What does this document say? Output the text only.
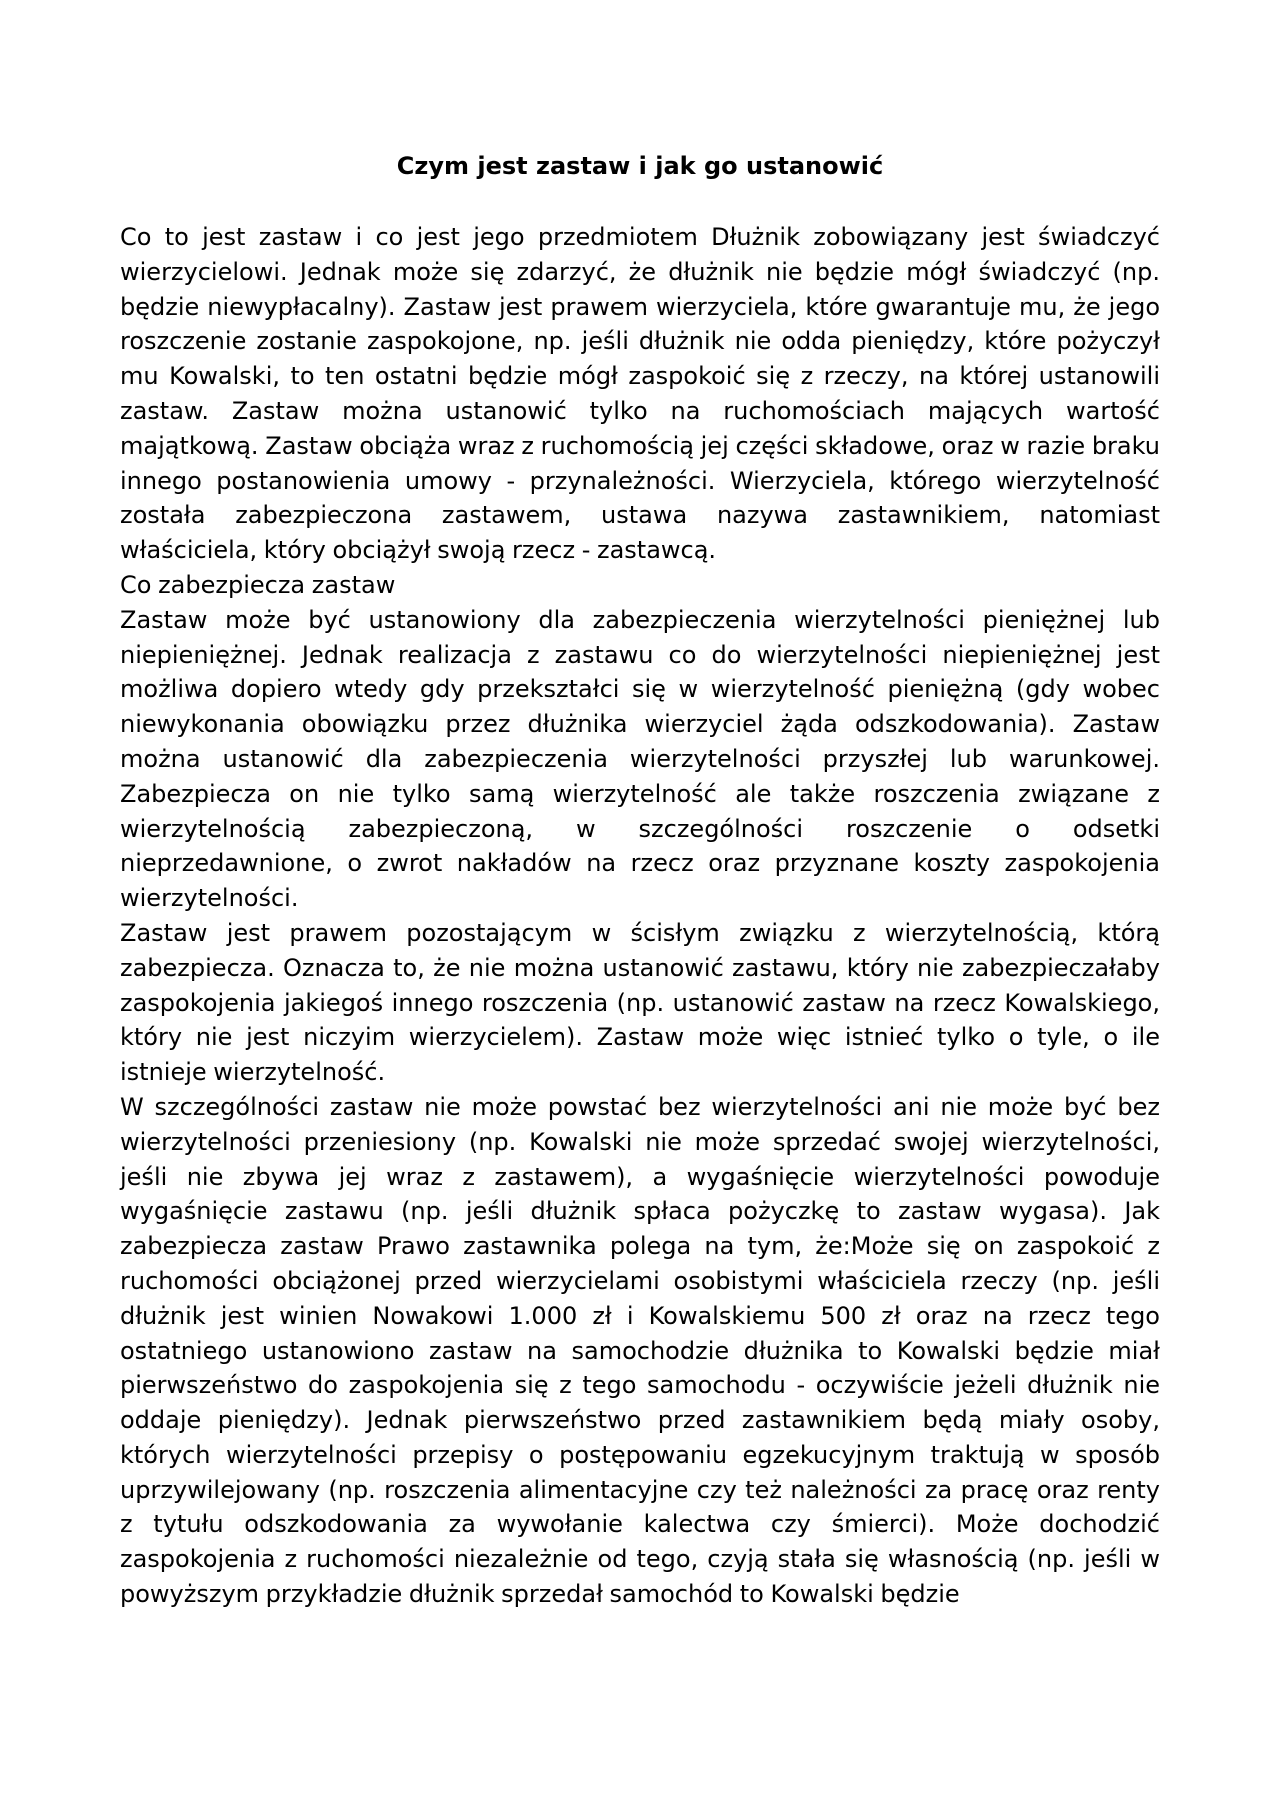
Czym jest zastaw i jak go ustanowić

Co to jest zastaw i co jest jego przedmiotem Dłużnik zobowiązany jest świadczyć wierzycielowi. Jednak może się zdarzyć, że dłużnik nie będzie mógł świadczyć (np. będzie niewypłacalny). Zastaw jest prawem wierzyciela, które gwarantuje mu, że jego roszczenie zostanie zaspokojone, np. jeśli dłużnik nie odda pieniędzy, które pożyczył mu Kowalski, to ten ostatni będzie mógł zaspokoić się z rzeczy, na której ustanowili zastaw. Zastaw można ustanowić tylko na ruchomościach mających wartość majątkową. Zastaw obciąża wraz z ruchomością jej części składowe, oraz w razie braku innego postanowienia umowy - przynależności. Wierzyciela, którego wierzytelność została zabezpieczona zastawem, ustawa nazywa zastawnikiem, natomiast właściciela, który obciążył swoją rzecz - zastawcą.

Co zabezpiecza zastaw

Zastaw może być ustanowiony dla zabezpieczenia wierzytelności pieniężnej lub niepieniężnej. Jednak realizacja z zastawu co do wierzytelności niepieniężnej jest możliwa dopiero wtedy gdy przekształci się w wierzytelność pieniężną (gdy wobec niewykonania obowiązku przez dłużnika wierzyciel żąda odszkodowania). Zastaw można ustanowić dla zabezpieczenia wierzytelności przyszłej lub warunkowej. Zabezpiecza on nie tylko samą wierzytelność ale także roszczenia związane z wierzytelnością zabezpieczoną, w szczególności roszczenie o odsetki nieprzedawnione, o zwrot nakładów na rzecz oraz przyznane koszty zaspokojenia wierzytelności.

Zastaw jest prawem pozostającym w ścisłym związku z wierzytelnością, którą zabezpiecza. Oznacza to, że nie można ustanowić zastawu, który nie zabezpieczałaby zaspokojenia jakiegoś innego roszczenia (np. ustanowić zastaw na rzecz Kowalskiego, który nie jest niczyim wierzycielem). Zastaw może więc istnieć tylko o tyle, o ile istnieje wierzytelność.

W szczególności zastaw nie może powstać bez wierzytelności ani nie może być bez wierzytelności przeniesiony (np. Kowalski nie może sprzedać swojej wierzytelności, jeśli nie zbywa jej wraz z zastawem), a wygaśnięcie wierzytelności powoduje wygaśnięcie zastawu (np. jeśli dłużnik spłaca pożyczkę to zastaw wygasa). Jak zabezpiecza zastaw Prawo zastawnika polega na tym, że:Może się on zaspokoić z ruchomości obciążonej przed wierzycielami osobistymi właściciela rzeczy (np. jeśli dłużnik jest winien Nowakowi 1.000 zł i Kowalskiemu 500 zł oraz na rzecz tego ostatniego ustanowiono zastaw na samochodzie dłużnika to Kowalski będzie miał pierwszeństwo do zaspokojenia się z tego samochodu - oczywiście jeżeli dłużnik nie oddaje pieniędzy). Jednak pierwszeństwo przed zastawnikiem będą miały osoby, których wierzytelności przepisy o postępowaniu egzekucyjnym traktują w sposób uprzywilejowany (np. roszczenia alimentacyjne czy też należności za pracę oraz renty z tytułu odszkodowania za wywołanie kalectwa czy śmierci). Może dochodzić zaspokojenia z ruchomości niezależnie od tego, czyją stała się własnością (np. jeśli w powyższym przykładzie dłużnik sprzedał samochód to Kowalski będzie
